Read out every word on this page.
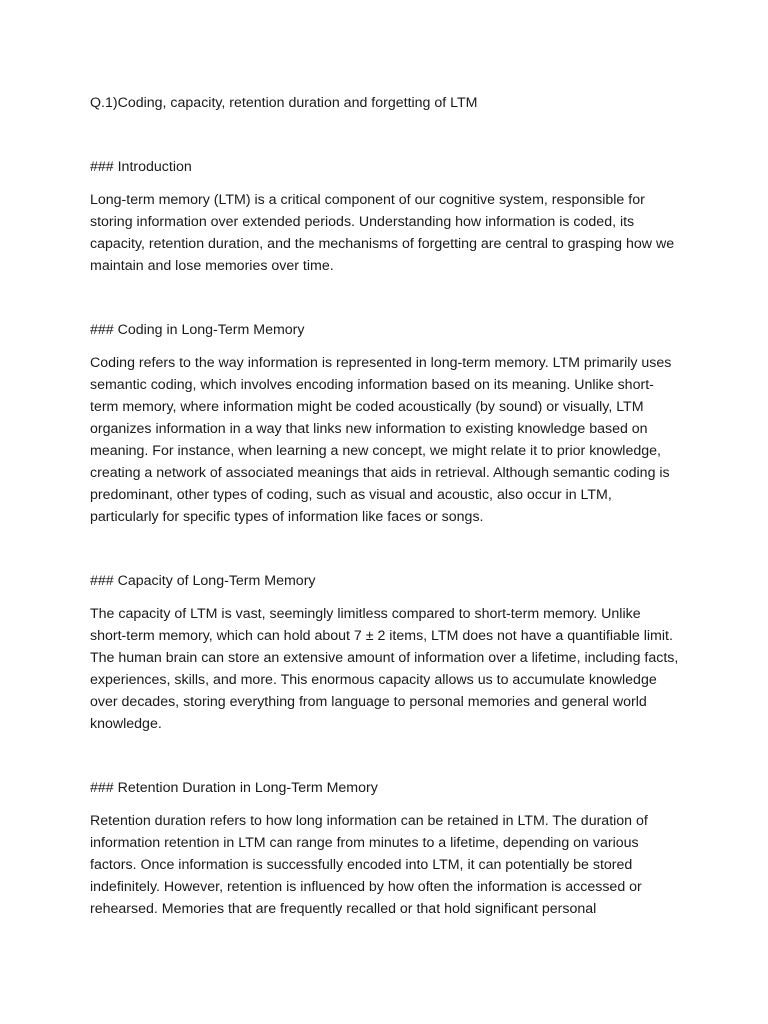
Q.1)Coding, capacity, retention duration and forgetting of LTM

### Introduction

Long-term memory (LTM) is a critical component of our cognitive system, responsible for storing information over extended periods. Understanding how information is coded, its capacity, retention duration, and the mechanisms of forgetting are central to grasping how we maintain and lose memories over time.

### Coding in Long-Term Memory

Coding refers to the way information is represented in long-term memory. LTM primarily uses semantic coding, which involves encoding information based on its meaning. Unlike short-term memory, where information might be coded acoustically (by sound) or visually, LTM organizes information in a way that links new information to existing knowledge based on meaning. For instance, when learning a new concept, we might relate it to prior knowledge, creating a network of associated meanings that aids in retrieval. Although semantic coding is predominant, other types of coding, such as visual and acoustic, also occur in LTM, particularly for specific types of information like faces or songs.

### Capacity of Long-Term Memory

The capacity of LTM is vast, seemingly limitless compared to short-term memory. Unlike short-term memory, which can hold about 7 ± 2 items, LTM does not have a quantifiable limit. The human brain can store an extensive amount of information over a lifetime, including facts, experiences, skills, and more. This enormous capacity allows us to accumulate knowledge over decades, storing everything from language to personal memories and general world knowledge.

### Retention Duration in Long-Term Memory

Retention duration refers to how long information can be retained in LTM. The duration of information retention in LTM can range from minutes to a lifetime, depending on various factors. Once information is successfully encoded into LTM, it can potentially be stored indefinitely. However, retention is influenced by how often the information is accessed or rehearsed. Memories that are frequently recalled or that hold significant personal
